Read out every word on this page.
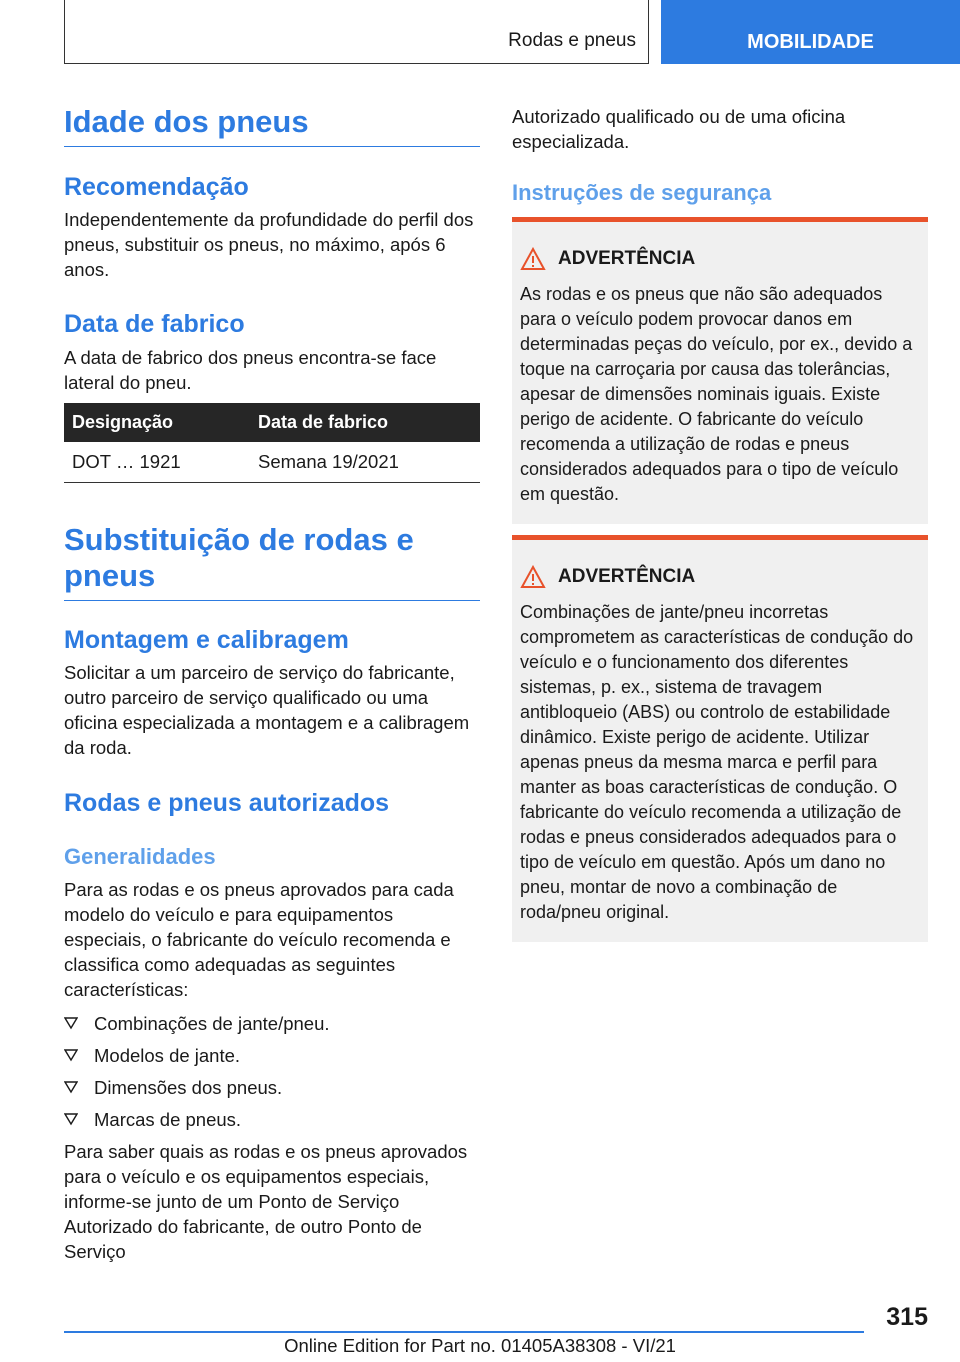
Rodas e pneus	MOBILIDADE
Idade dos pneus
Recomendação

Independentemente da profundidade do perfil dos pneus, substituir os pneus, no máximo, após 6 anos.

Data de fabrico

A data de fabrico dos pneus encontra-se face lateral do pneu.

Designação	Data de fabrico
DOT … 1921	Semana 19/2021
Substituição de rodas e pneus
Montagem e calibragem

Solicitar a um parceiro de serviço do fabricante, outro parceiro de serviço qualificado ou uma oficina especializada a montagem e a calibragem da roda.

Rodas e pneus autorizados
Generalidades

Para as rodas e os pneus aprovados para cada modelo do veículo e para equipamentos especiais, o fabricante do veículo recomenda e classifica como adequadas as seguintes características:

Combinações de jante/pneu.
Modelos de jante.
Dimensões dos pneus.
Marcas de pneus.

Para saber quais as rodas e os pneus aprovados para o veículo e os equipamentos especiais, informe-se junto de um Ponto de Serviço Autorizado do fabricante, de outro Ponto de Serviço

Autorizado qualificado ou de uma oficina especializada.

Instruções de segurança
ADVERTÊNCIA

As rodas e os pneus que não são adequados para o veículo podem provocar danos em determinadas peças do veículo, por ex., devido a toque na carroçaria por causa das tolerâncias, apesar de dimensões nominais iguais. Existe perigo de acidente. O fabricante do veículo recomenda a utilização de rodas e pneus considerados adequados para o tipo de veículo em questão.

ADVERTÊNCIA

Combinações de jante/pneu incorretas comprometem as características de condução do veículo e o funcionamento dos diferentes sistemas, p. ex., sistema de travagem antibloqueio (ABS) ou controlo de estabilidade dinâmico. Existe perigo de acidente. Utilizar apenas pneus da mesma marca e perfil para manter as boas características de condução. O fabricante do veículo recomenda a utilização de rodas e pneus considerados adequados para o tipo de veículo em questão. Após um dano no pneu, montar de novo a combinação de roda/pneu original.

315
Online Edition for Part no. 01405A38308 - VI/21
